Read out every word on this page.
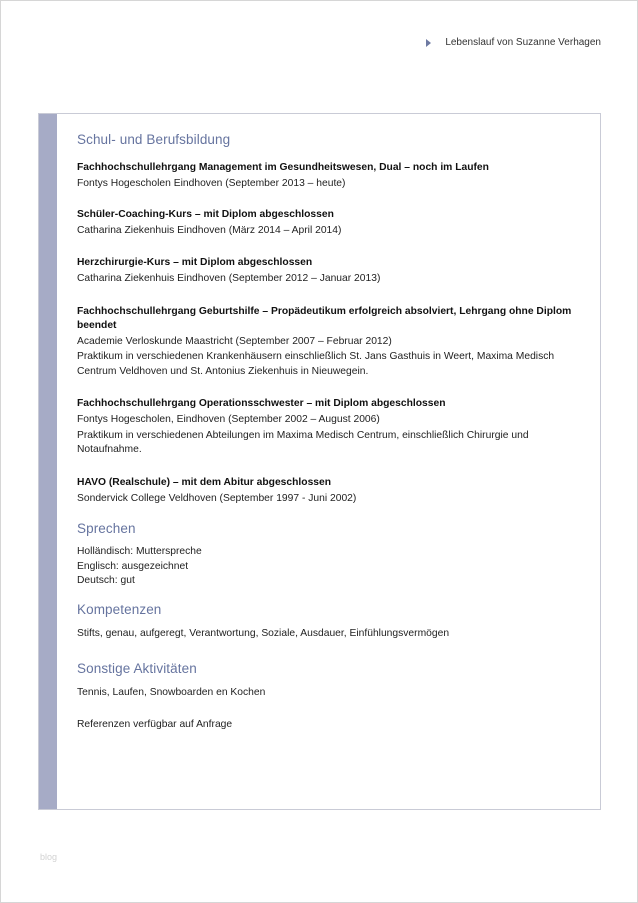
Lebenslauf von Suzanne Verhagen
Schul- und Berufsbildung
Fachhochschullehrgang Management im Gesundheitswesen, Dual – noch im Laufen
Fontys Hogescholen Eindhoven (September 2013 – heute)
Schüler-Coaching-Kurs – mit Diplom abgeschlossen
Catharina Ziekenhuis Eindhoven (März 2014 – April 2014)
Herzchirurgie-Kurs – mit Diplom abgeschlossen
Catharina Ziekenhuis Eindhoven (September 2012 – Januar 2013)
Fachhochschullehrgang Geburtshilfe – Propädeutikum erfolgreich absolviert, Lehrgang ohne Diplom beendet
Academie Verloskunde Maastricht (September 2007 – Februar 2012)
Praktikum in verschiedenen Krankenhäusern einschließlich St. Jans Gasthuis in Weert, Maxima Medisch Centrum Veldhoven und St. Antonius Ziekenhuis in Nieuwegein.
Fachhochschullehrgang Operationsschwester – mit Diplom abgeschlossen
Fontys Hogescholen, Eindhoven (September 2002 – August 2006)
Praktikum in verschiedenen Abteilungen im Maxima Medisch Centrum, einschließlich Chirurgie und Notaufnahme.
HAVO (Realschule) – mit dem Abitur abgeschlossen
Sondervick College Veldhoven (September 1997 - Juni 2002)
Sprechen
Holländisch: Mutterspreche
Englisch: ausgezeichnet
Deutsch: gut
Kompetenzen
Stifts, genau, aufgeregt, Verantwortung, Soziale, Ausdauer, Einfühlungsvermögen
Sonstige Aktivitäten
Tennis, Laufen, Snowboarden en Kochen
Referenzen verfügbar auf Anfrage
blog
